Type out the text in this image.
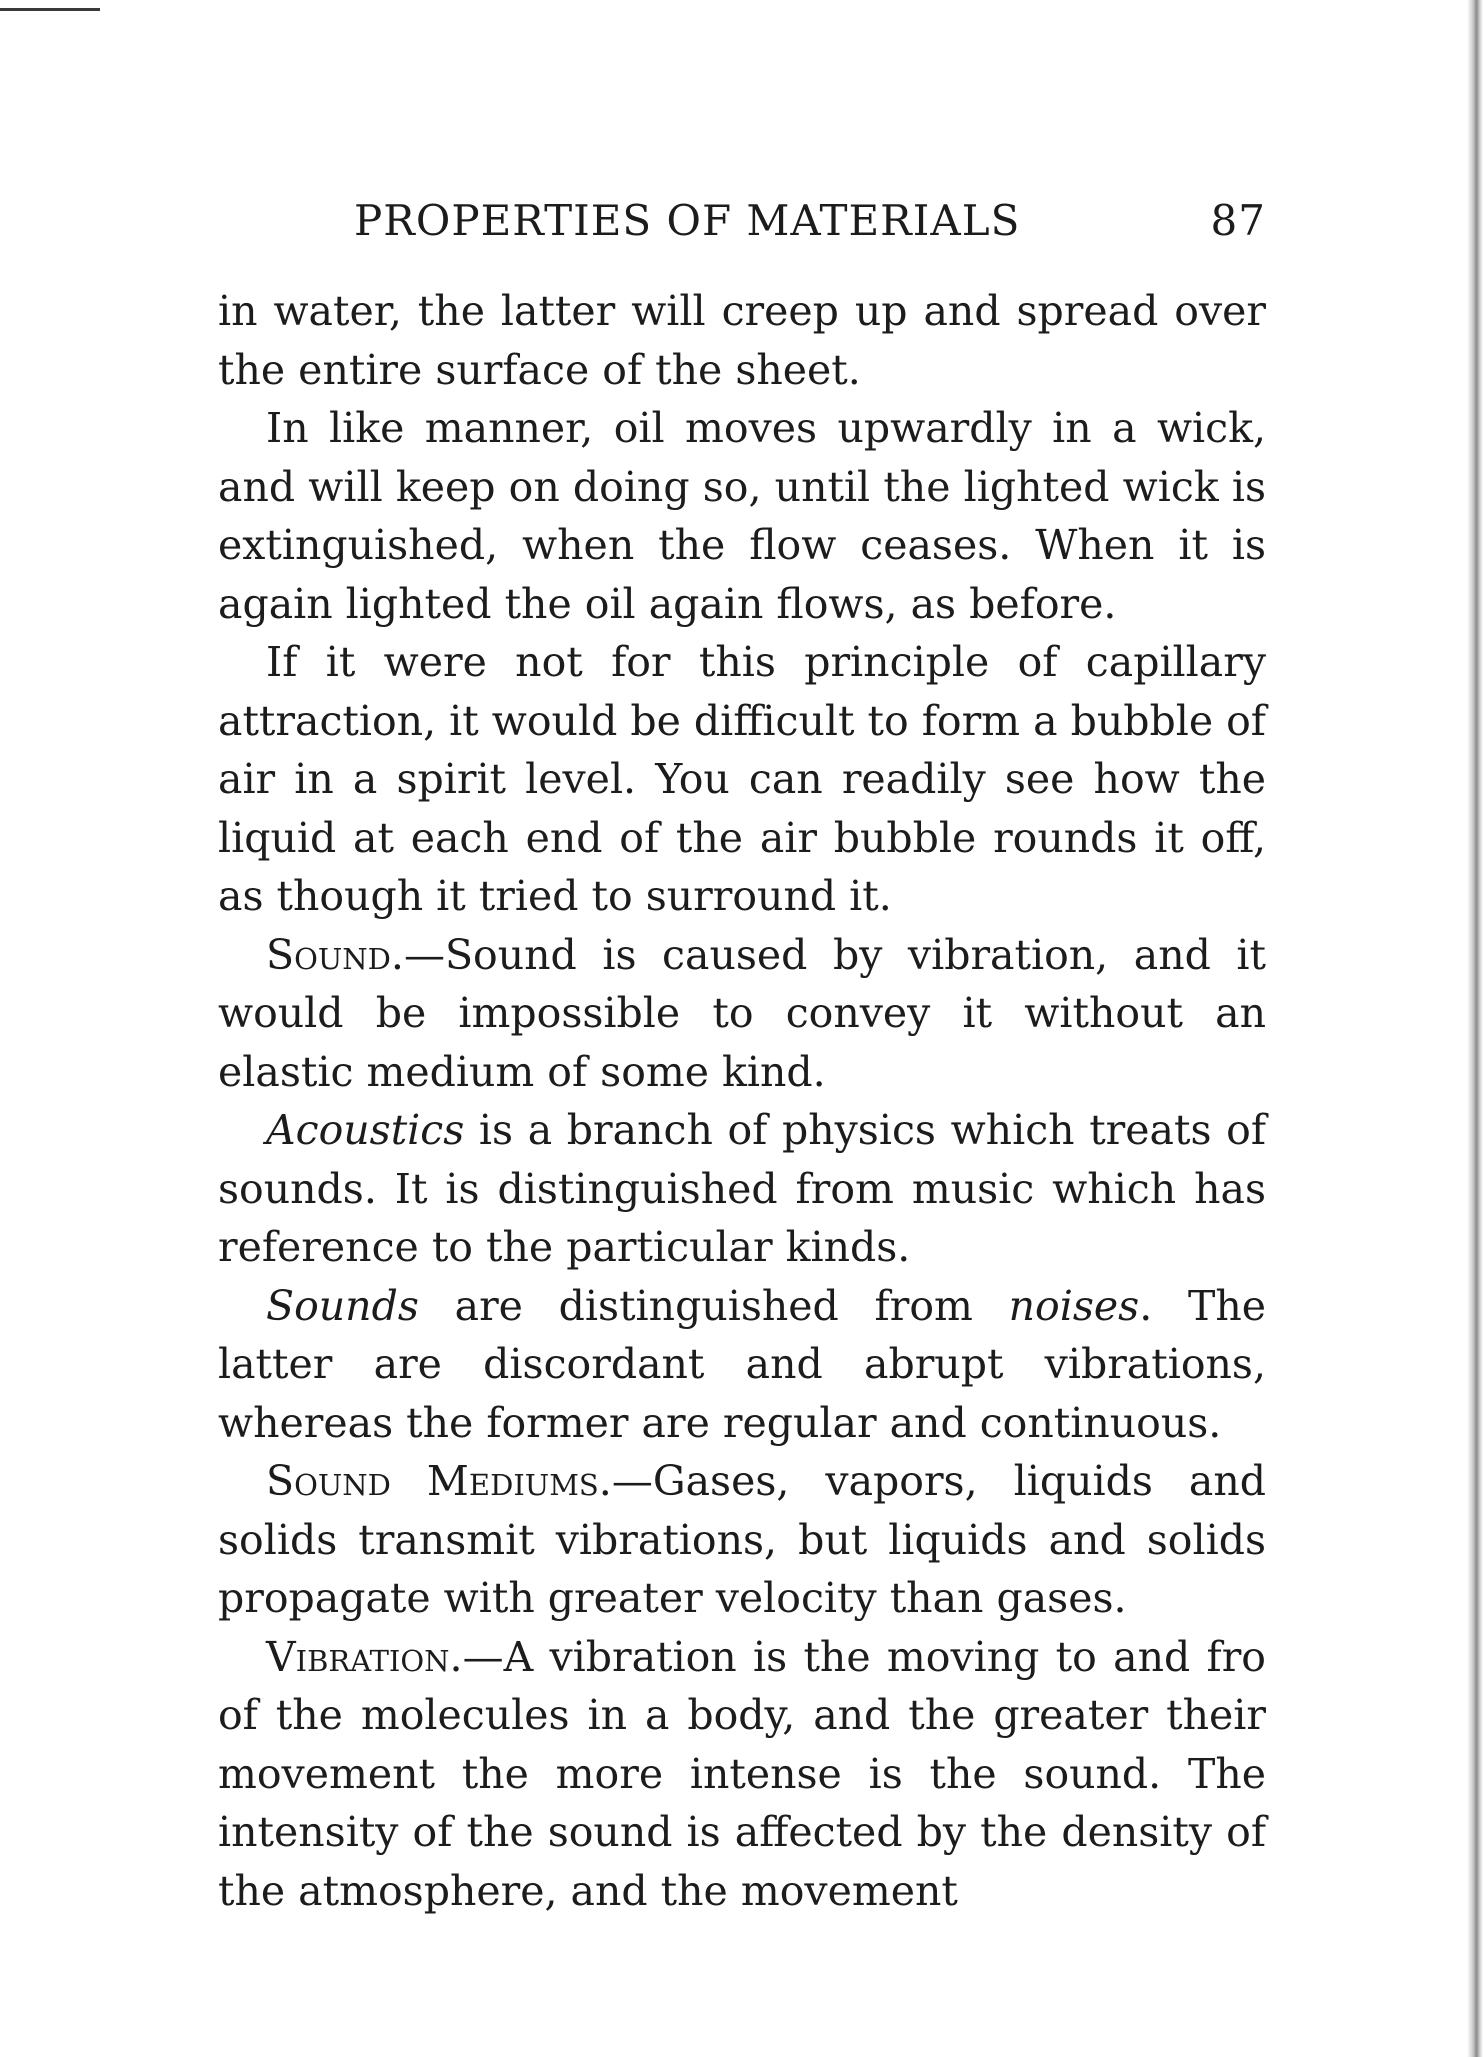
PROPERTIES OF MATERIALS	87

in water, the latter will creep up and spread over the entire surface of the sheet.

In like manner, oil moves upwardly in a wick, and will keep on doing so, until the lighted wick is extinguished, when the flow ceases. When it is again lighted the oil again flows, as before.

If it were not for this principle of capillary attraction, it would be difficult to form a bubble of air in a spirit level. You can readily see how the liquid at each end of the air bubble rounds it off, as though it tried to surround it.

Sound.—Sound is caused by vibration, and it would be impossible to convey it without an elastic medium of some kind.

Acoustics is a branch of physics which treats of sounds. It is distinguished from music which has reference to the particular kinds.

Sounds are distinguished from noises. The latter are discordant and abrupt vibrations, whereas the former are regular and continuous.

Sound Mediums.—Gases, vapors, liquids and solids transmit vibrations, but liquids and solids propagate with greater velocity than gases.

Vibration.—A vibration is the moving to and fro of the molecules in a body, and the greater their movement the more intense is the sound. The intensity of the sound is affected by the density of the atmosphere, and the movement
